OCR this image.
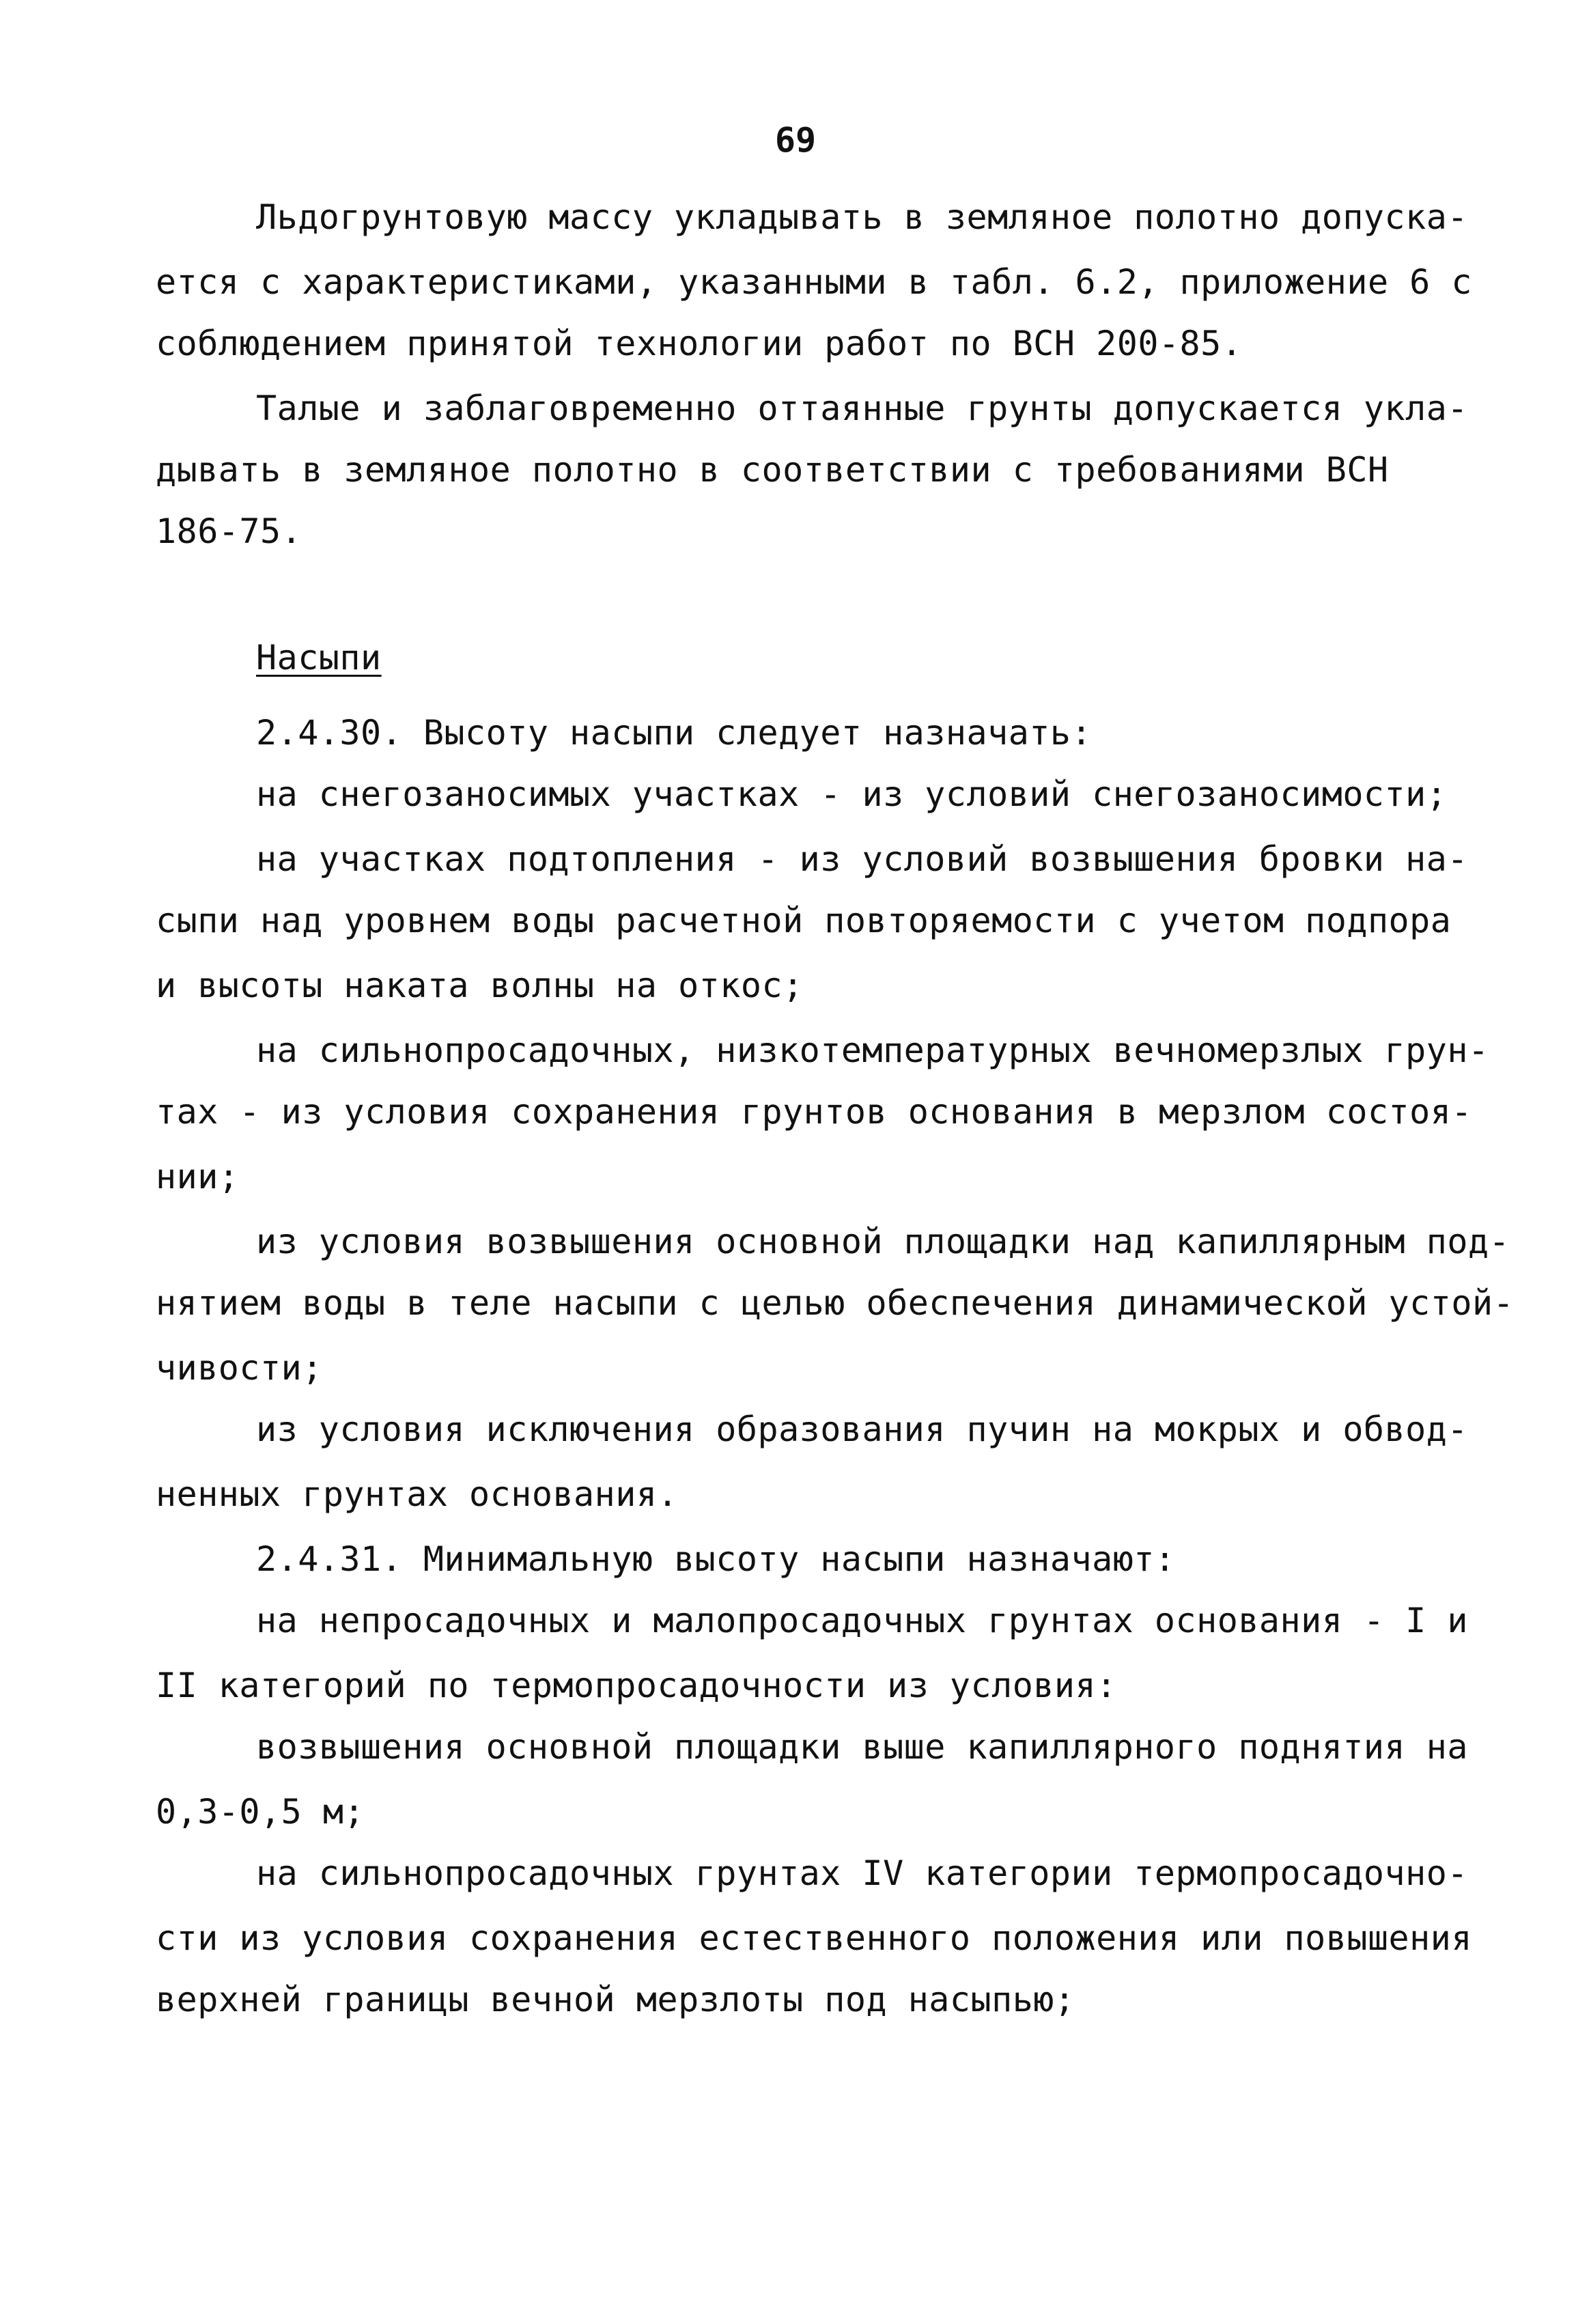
69
Льдогрунтовую массу укладывать в земляное полотно допуска-
ется с характеристиками, указанными в табл. 6.2, приложение 6 с
соблюдением принятой технологии работ по ВСН 200-85.
Талые и заблаговременно оттаянные грунты допускается укла-
дывать в земляное полотно в соответствии с требованиями ВСН
186-75.
Насыпи
2.4.30. Высоту насыпи следует назначать:
на снегозаносимых участках - из условий снегозаносимости;
на участках подтопления - из условий возвышения бровки на-
сыпи над уровнем воды расчетной повторяемости с учетом подпора
и высоты наката волны на откос;
на сильнопросадочных, низкотемпературных вечномерзлых грун-
тах - из условия сохранения грунтов основания в мерзлом состоя-
нии;
из условия возвышения основной площадки над капиллярным под-
нятием воды в теле насыпи с целью обеспечения динамической устой-
чивости;
из условия исключения образования пучин на мокрых и обвод-
ненных грунтах основания.
2.4.31. Минимальную высоту насыпи назначают:
на непросадочных и малопросадочных грунтах основания - I и
II категорий по термопросадочности из условия:
возвышения основной площадки выше капиллярного поднятия на
0,3-0,5 м;
на сильнопросадочных грунтах IV категории термопросадочно-
сти из условия сохранения естественного положения или повышения
верхней границы вечной мерзлоты под насыпью;
